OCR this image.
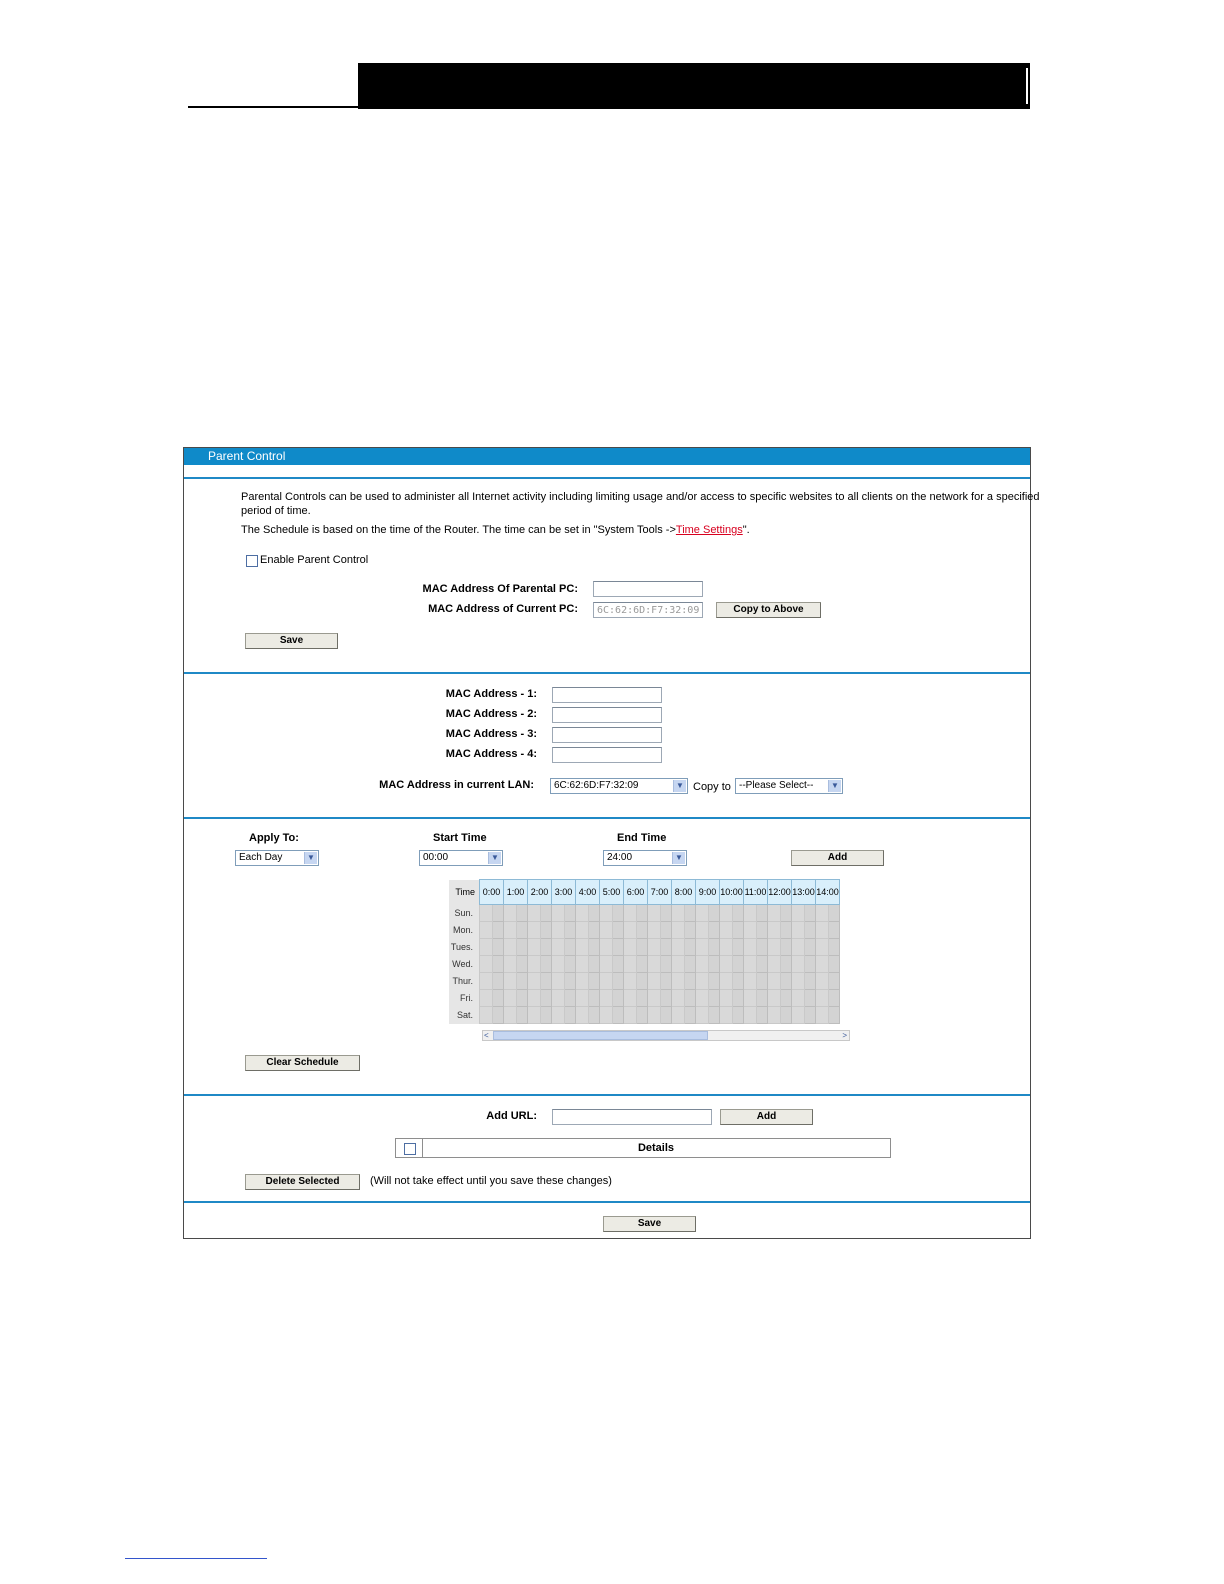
Parent Control
Parental Controls can be used to administer all Internet activity including limiting usage and/or access to specific websites to all clients on the network for a specified
period of time.
The Schedule is based on the time of the Router. The time can be set in "System Tools ->Time Settings".
Enable Parent Control
MAC Address Of Parental PC:
MAC Address of Current PC:	6C:62:6D:F7:32:09	Copy to Above
Save
MAC Address - 1:
MAC Address - 2:
MAC Address - 3:
MAC Address - 4:
MAC Address in current LAN:	6C:62:6D:F7:32:09	▼ Copy to --Please Select--	▼
Apply To:
Each Day	▼
Start Time
00:00	▼
End Time
24:00	▼	Add
Time	0:00		1:00		2:00		3:00		4:00		5:00		6:00		7:00		8:00		9:00		10:00		11:00		12:00		13:00		14:00	
Sun.																														
Mon.																														
Tues.																														
Wed.																														
Thur.																														
Fri.																														
Sat.																														
<	>
Clear Schedule
Add URL:	Add
Details
Delete Selected	(Will not take effect until you save these changes)
Save
